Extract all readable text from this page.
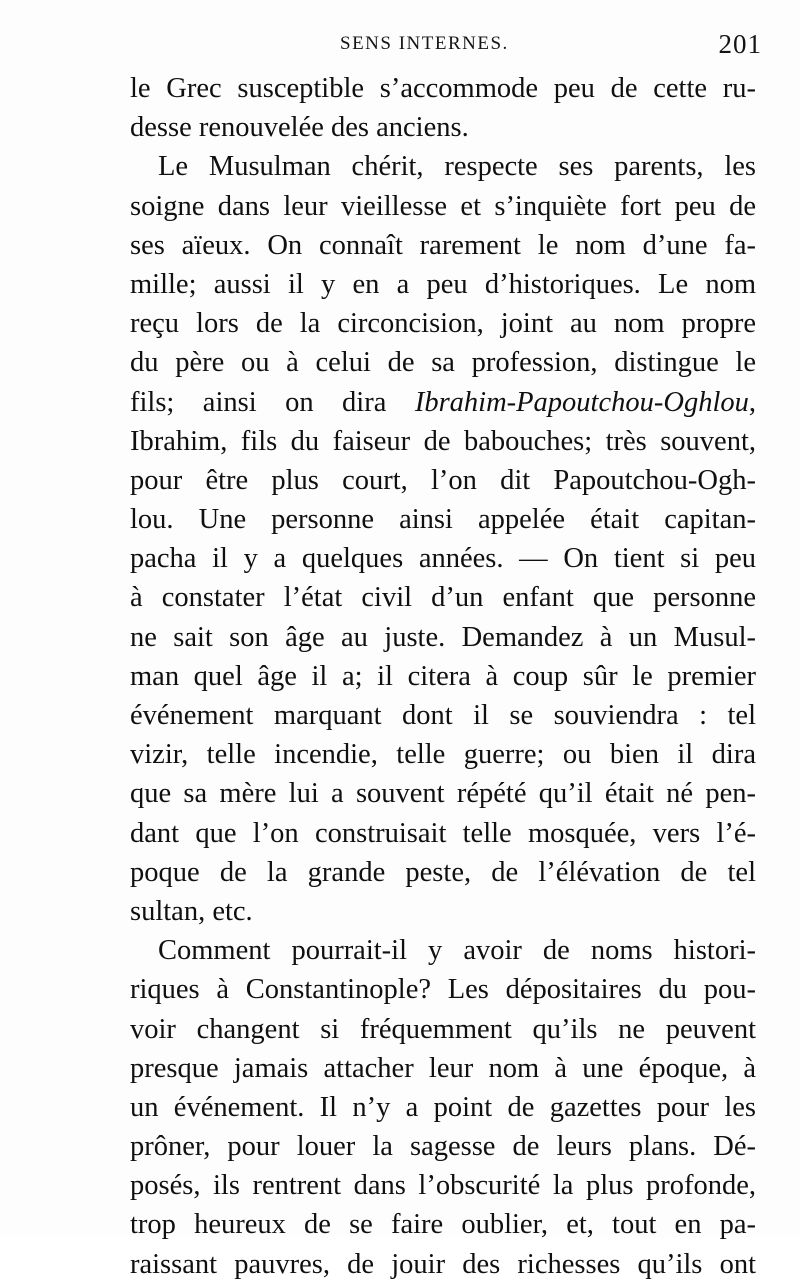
SENS INTERNES.	201
le Grec susceptible s’accommode peu de cette ru-
desse renouvelée des anciens.
Le Musulman chérit, respecte ses parents, les
soigne dans leur vieillesse et s’inquiète fort peu de
ses aïeux. On connaît rarement le nom d’une fa-
mille; aussi il y en a peu d’historiques. Le nom
reçu lors de la circoncision, joint au nom propre
du père ou à celui de sa profession, distingue le
fils; ainsi on dira Ibrahim-Papoutchou-Oghlou,
Ibrahim, fils du faiseur de babouches; très souvent,
pour être plus court, l’on dit Papoutchou-Ogh-
lou. Une personne ainsi appelée était capitan-
pacha il y a quelques années. — On tient si peu
à constater l’état civil d’un enfant que personne
ne sait son âge au juste. Demandez à un Musul-
man quel âge il a; il citera à coup sûr le premier
événement marquant dont il se souviendra : tel
vizir, telle incendie, telle guerre; ou bien il dira
que sa mère lui a souvent répété qu’il était né pen-
dant que l’on construisait telle mosquée, vers l’é-
poque de la grande peste, de l’élévation de tel
sultan, etc.
Comment pourrait-il y avoir de noms histori-
riques à Constantinople? Les dépositaires du pou-
voir changent si fréquemment qu’ils ne peuvent
presque jamais attacher leur nom à une époque, à
un événement. Il n’y a point de gazettes pour les
prôner, pour louer la sagesse de leurs plans. Dé-
posés, ils rentrent dans l’obscurité la plus profonde,
trop heureux de se faire oublier, et, tout en pa-
raissant pauvres, de jouir des richesses qu’ils ont
